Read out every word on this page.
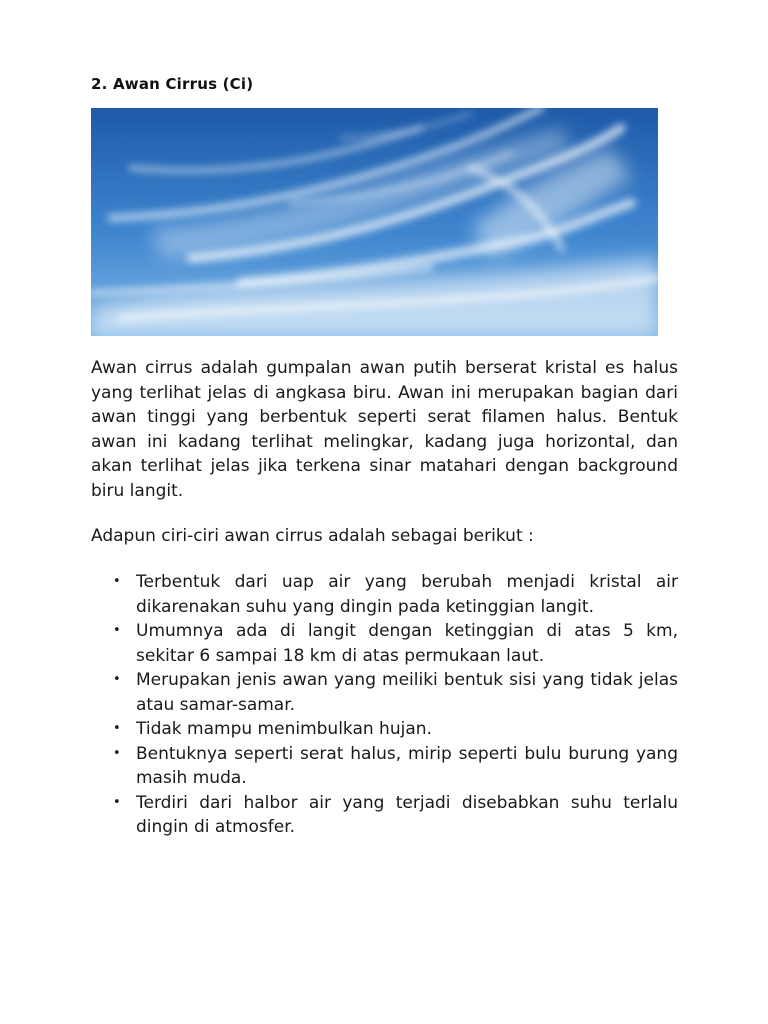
2. Awan Cirrus (Ci)

Awan cirrus adalah gumpalan awan putih berserat kristal es halus yang terlihat jelas di angkasa biru. Awan ini merupakan bagian dari awan tinggi yang berbentuk seperti serat filamen halus. Bentuk awan ini kadang terlihat melingkar, kadang juga horizontal, dan akan terlihat jelas jika terkena sinar matahari dengan background biru langit.

Adapun ciri-ciri awan cirrus adalah sebagai berikut :

• Terbentuk dari uap air yang berubah menjadi kristal air dikarenakan suhu yang dingin pada ketinggian langit.
• Umumnya ada di langit dengan ketinggian di atas 5 km, sekitar 6 sampai 18 km di atas permukaan laut.
• Merupakan jenis awan yang meiliki bentuk sisi yang tidak jelas atau samar-samar.
• Tidak mampu menimbulkan hujan.
• Bentuknya seperti serat halus, mirip seperti bulu burung yang masih muda.
• Terdiri dari halbor air yang terjadi disebabkan suhu terlalu dingin di atmosfer.
